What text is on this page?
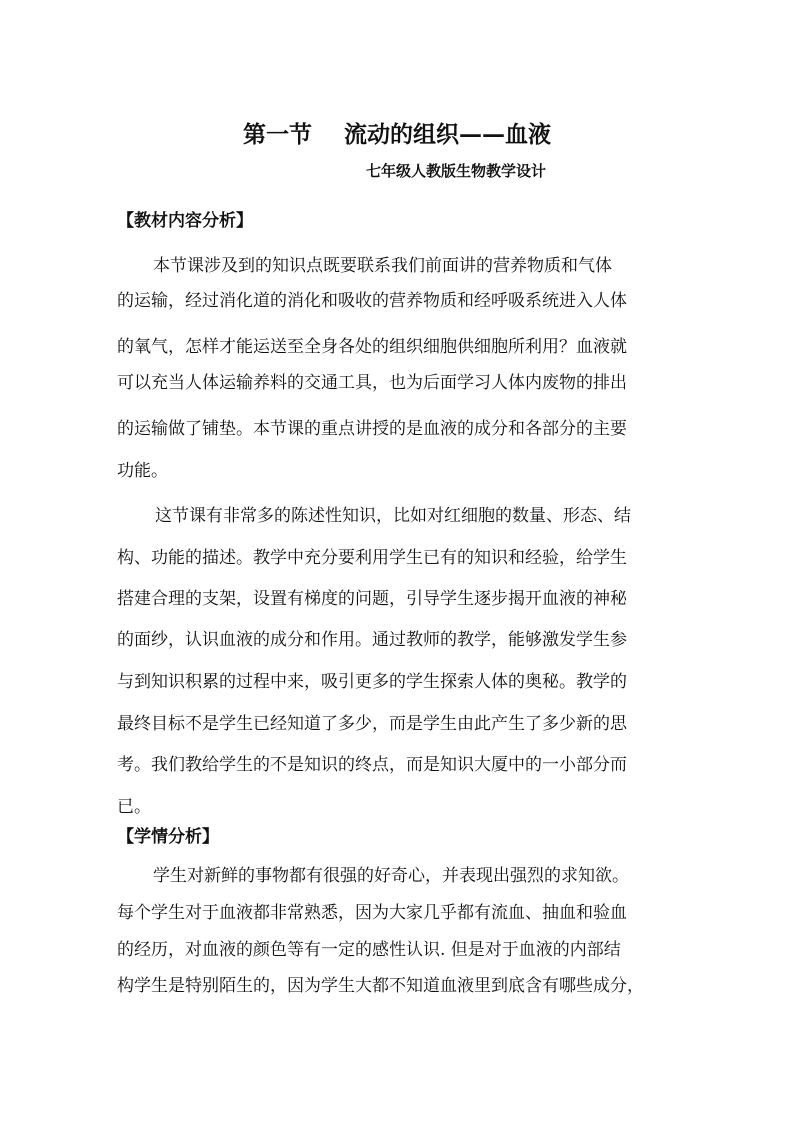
第一节    流动的组织——血液
七年级人教版生物教学设计
【教材内容分析】
本节课涉及到的知识点既要联系我们前面讲的营养物质和气体
的运输，经过消化道的消化和吸收的营养物质和经呼吸系统进入人体
的氧气，怎样才能运送至全身各处的组织细胞供细胞所利用？血液就
可以充当人体运输养料的交通工具，也为后面学习人体内废物的排出
的运输做了铺垫。本节课的重点讲授的是血液的成分和各部分的主要
功能。
这节课有非常多的陈述性知识，比如对红细胞的数量、形态、结
构、功能的描述。教学中充分要利用学生已有的知识和经验，给学生
搭建合理的支架，设置有梯度的问题，引导学生逐步揭开血液的神秘
的面纱，认识血液的成分和作用。通过教师的教学，能够激发学生参
与到知识积累的过程中来，吸引更多的学生探索人体的奥秘。教学的
最终目标不是学生已经知道了多少，而是学生由此产生了多少新的思
考。我们教给学生的不是知识的终点，而是知识大厦中的一小部分而
已。
【学情分析】
学生对新鲜的事物都有很强的好奇心，并表现出强烈的求知欲。
每个学生对于血液都非常熟悉，因为大家几乎都有流血、抽血和验血
的经历，对血液的颜色等有一定的感性认识. 但是对于血液的内部结
构学生是特别陌生的，因为学生大都不知道血液里到底含有哪些成分，
